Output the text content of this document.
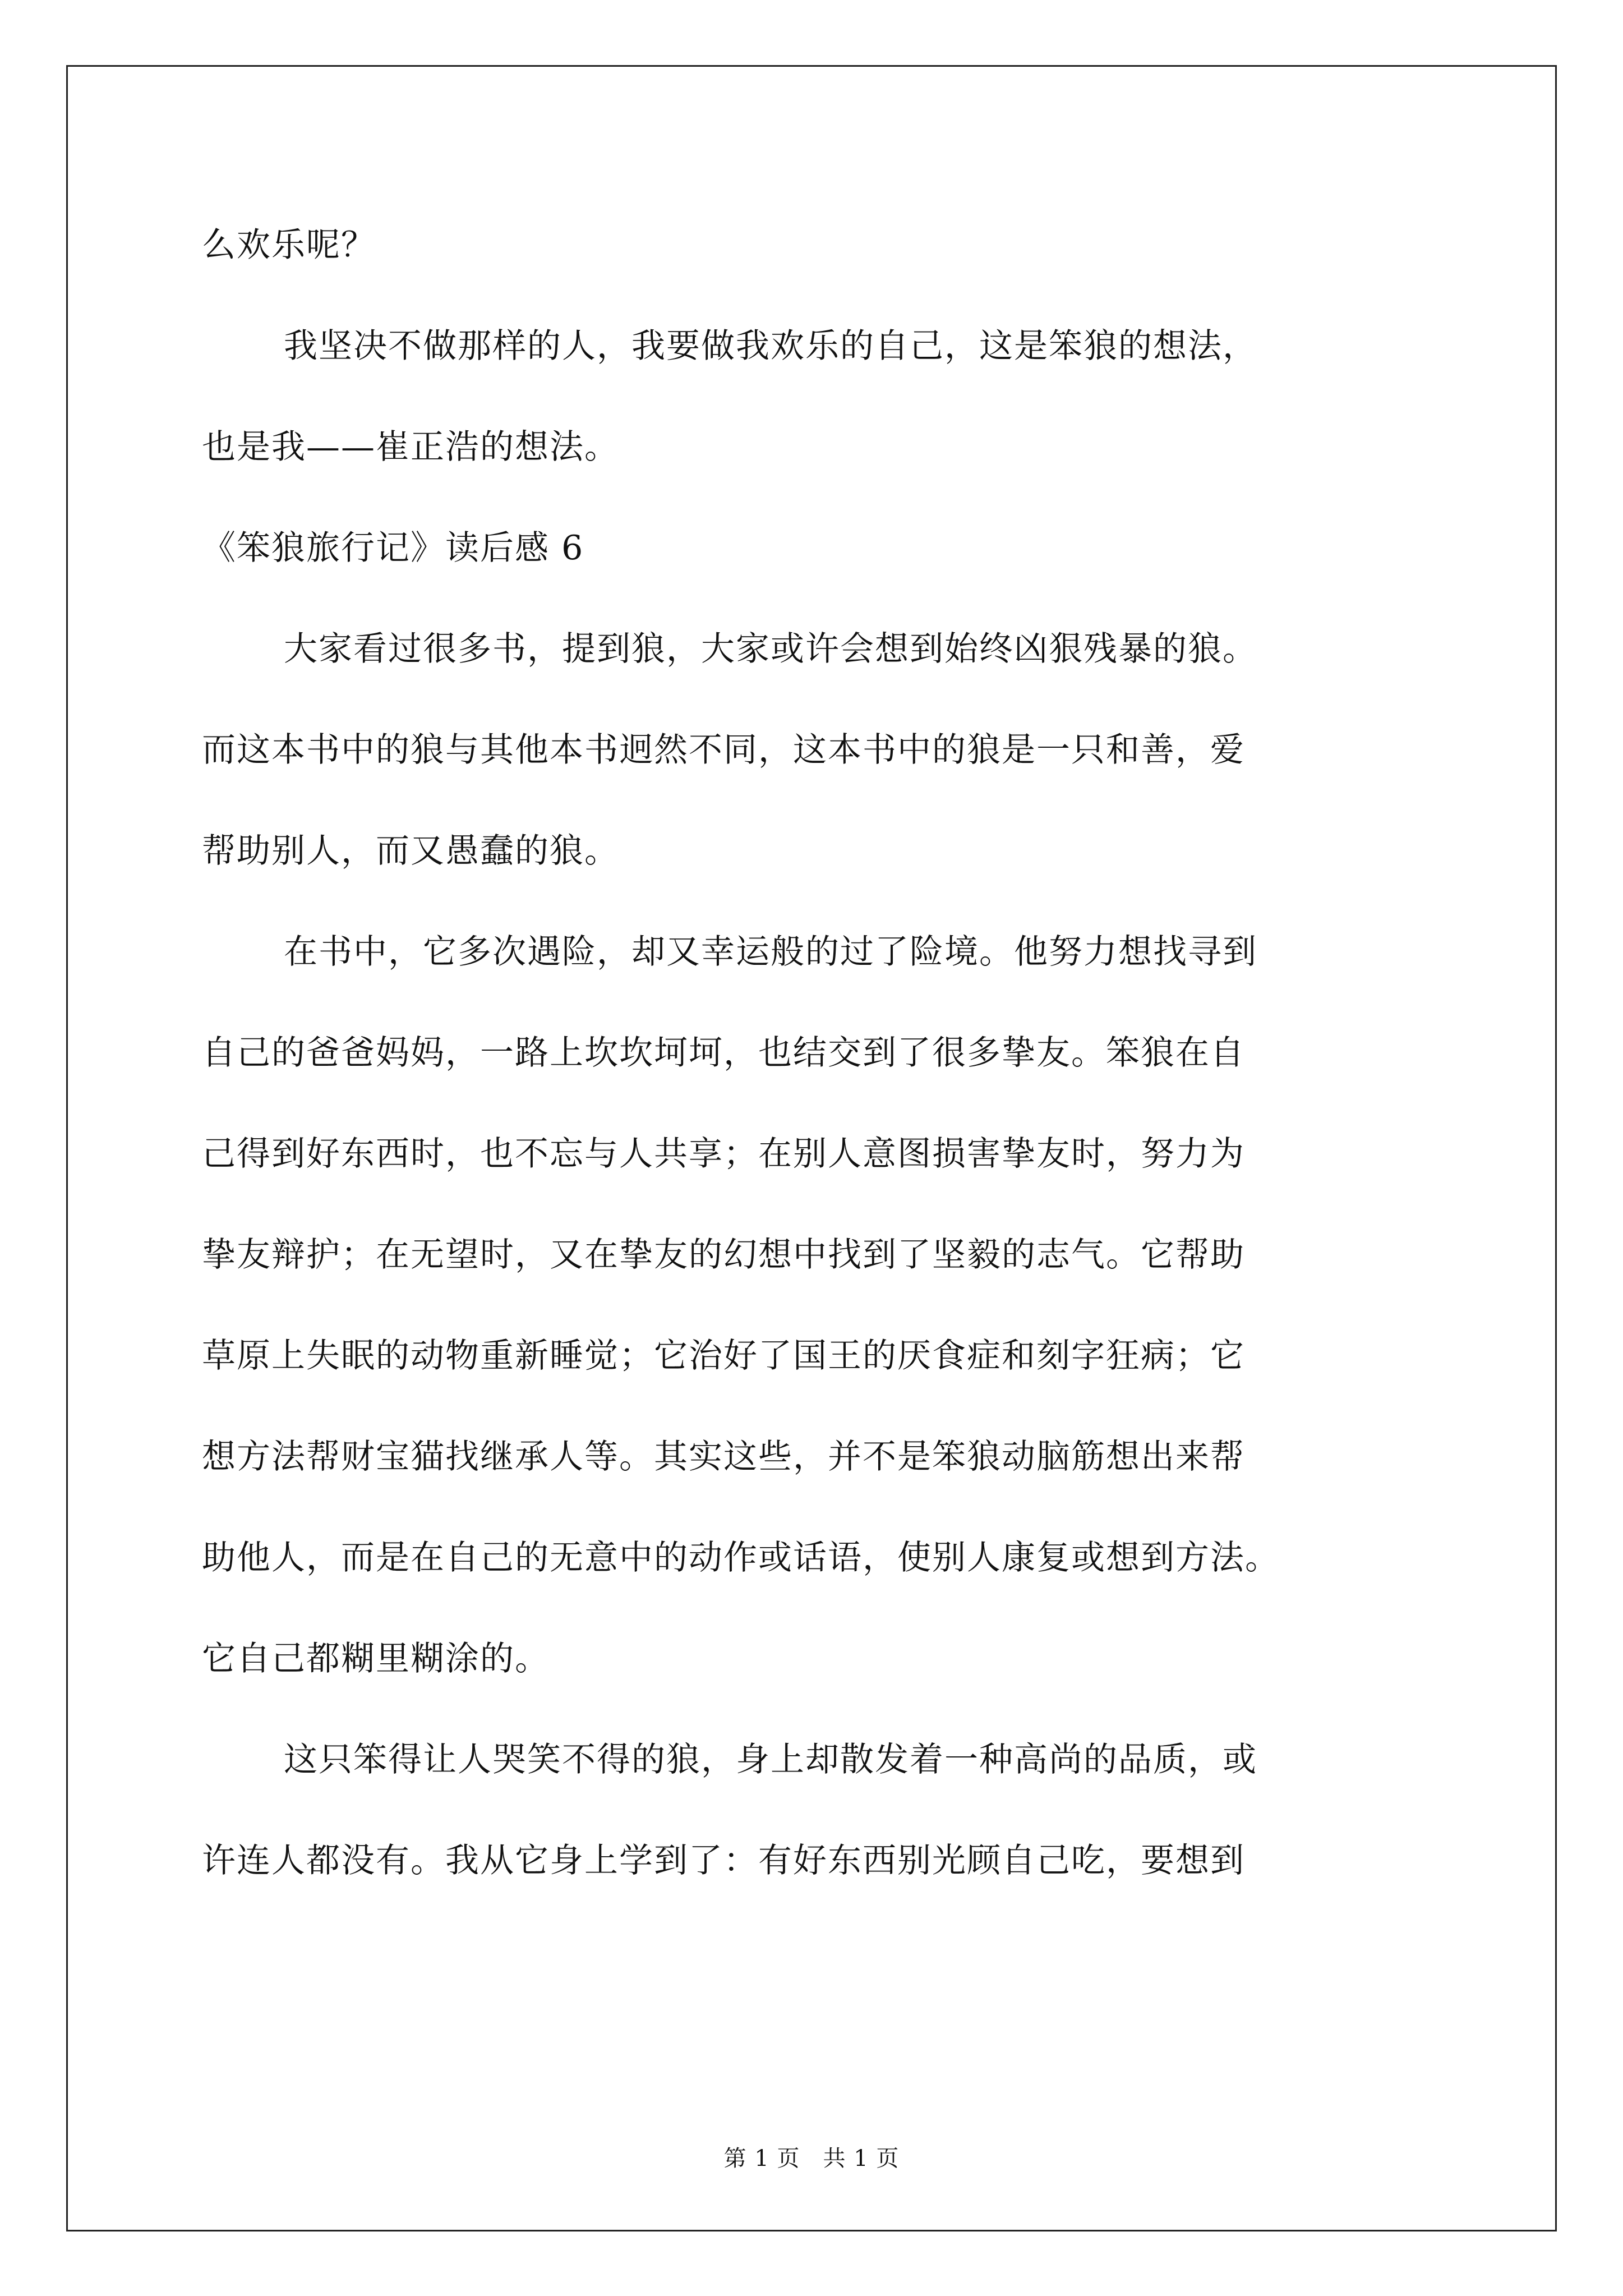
么欢乐呢？
我坚决不做那样的人，我要做我欢乐的自己，这是笨狼的想法，
也是我——崔正浩的想法。
《笨狼旅行记》读后感 6
大家看过很多书，提到狼，大家或许会想到始终凶狠残暴的狼。
而这本书中的狼与其他本书迥然不同，这本书中的狼是一只和善，爱
帮助别人，而又愚蠢的狼。
在书中，它多次遇险，却又幸运般的过了险境。他努力想找寻到
自己的爸爸妈妈，一路上坎坎坷坷，也结交到了很多挚友。笨狼在自
己得到好东西时，也不忘与人共享；在别人意图损害挚友时，努力为
挚友辩护；在无望时，又在挚友的幻想中找到了坚毅的志气。它帮助
草原上失眠的动物重新睡觉；它治好了国王的厌食症和刻字狂病；它
想方法帮财宝猫找继承人等。其实这些，并不是笨狼动脑筋想出来帮
助他人，而是在自己的无意中的动作或话语，使别人康复或想到方法。
它自己都糊里糊涂的。
这只笨得让人哭笑不得的狼，身上却散发着一种高尚的品质，或
许连人都没有。我从它身上学到了：有好东西别光顾自己吃，要想到
第 1 页　共 1 页
